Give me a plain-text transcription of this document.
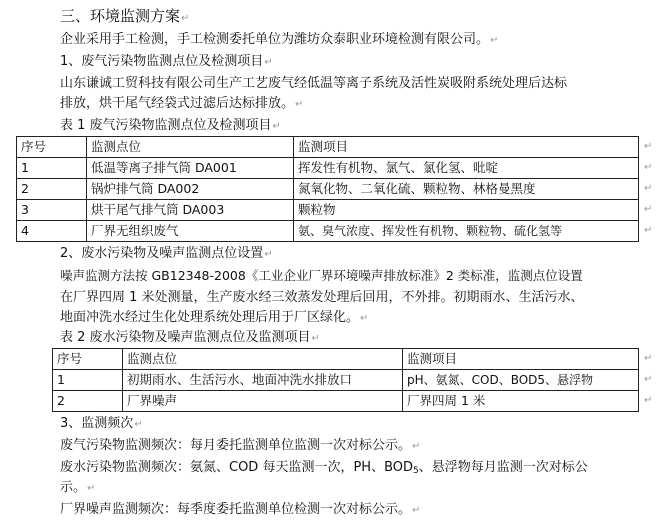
三、环境监测方案↵
企业采用手工检测，手工检测委托单位为潍坊众泰职业环境检测有限公司。↵
1、废气污染物监测点位及检测项目↵
山东谦诚工贸科技有限公司生产工艺废气经低温等离子系统及活性炭吸附系统处理后达标
排放，烘干尾气经袋式过滤后达标排放。↵
表 1 废气污染物监测点位及检测项目↵
序号	监测点位	监测项目
1	低温等离子排气筒 DA001	挥发性有机物、氯气、氯化氢、吡啶
2	锅炉排气筒 DA002	氮氧化物、二氧化硫、颗粒物、林格曼黑度
3	烘干尾气排气筒 DA003	颗粒物
4	厂界无组织废气	氨、臭气浓度、挥发性有机物、颗粒物、硫化氢等
2、废水污染物及噪声监测点位设置↵
噪声监测方法按 GB12348-2008《工业企业厂界环境噪声排放标准》2 类标准，监测点位设置
在厂界四周 1 米处测量，生产废水经三效蒸发处理后回用，不外排。初期雨水、生活污水、
地面冲洗水经过生化处理系统处理后用于厂区绿化。↵
表 2 废水污染物及噪声监测点位及监测项目↵
序号	监测点位	监测项目
1	初期雨水、生活污水、地面冲洗水排放口	pH、氨氮、COD、BOD5、悬浮物
2	厂界噪声	厂界四周 1 米
3、监测频次↵
废气污染物监测频次：每月委托监测单位监测一次对标公示。↵
废水污染物监测频次：氨氮、COD 每天监测一次，PH、$BOD_5$、悬浮物每月监测一次对标公
示。↵
厂界噪声监测频次：每季度委托监测单位检测一次对标公示。↵
↵
↵
↵
↵
↵
↵
↵
↵
